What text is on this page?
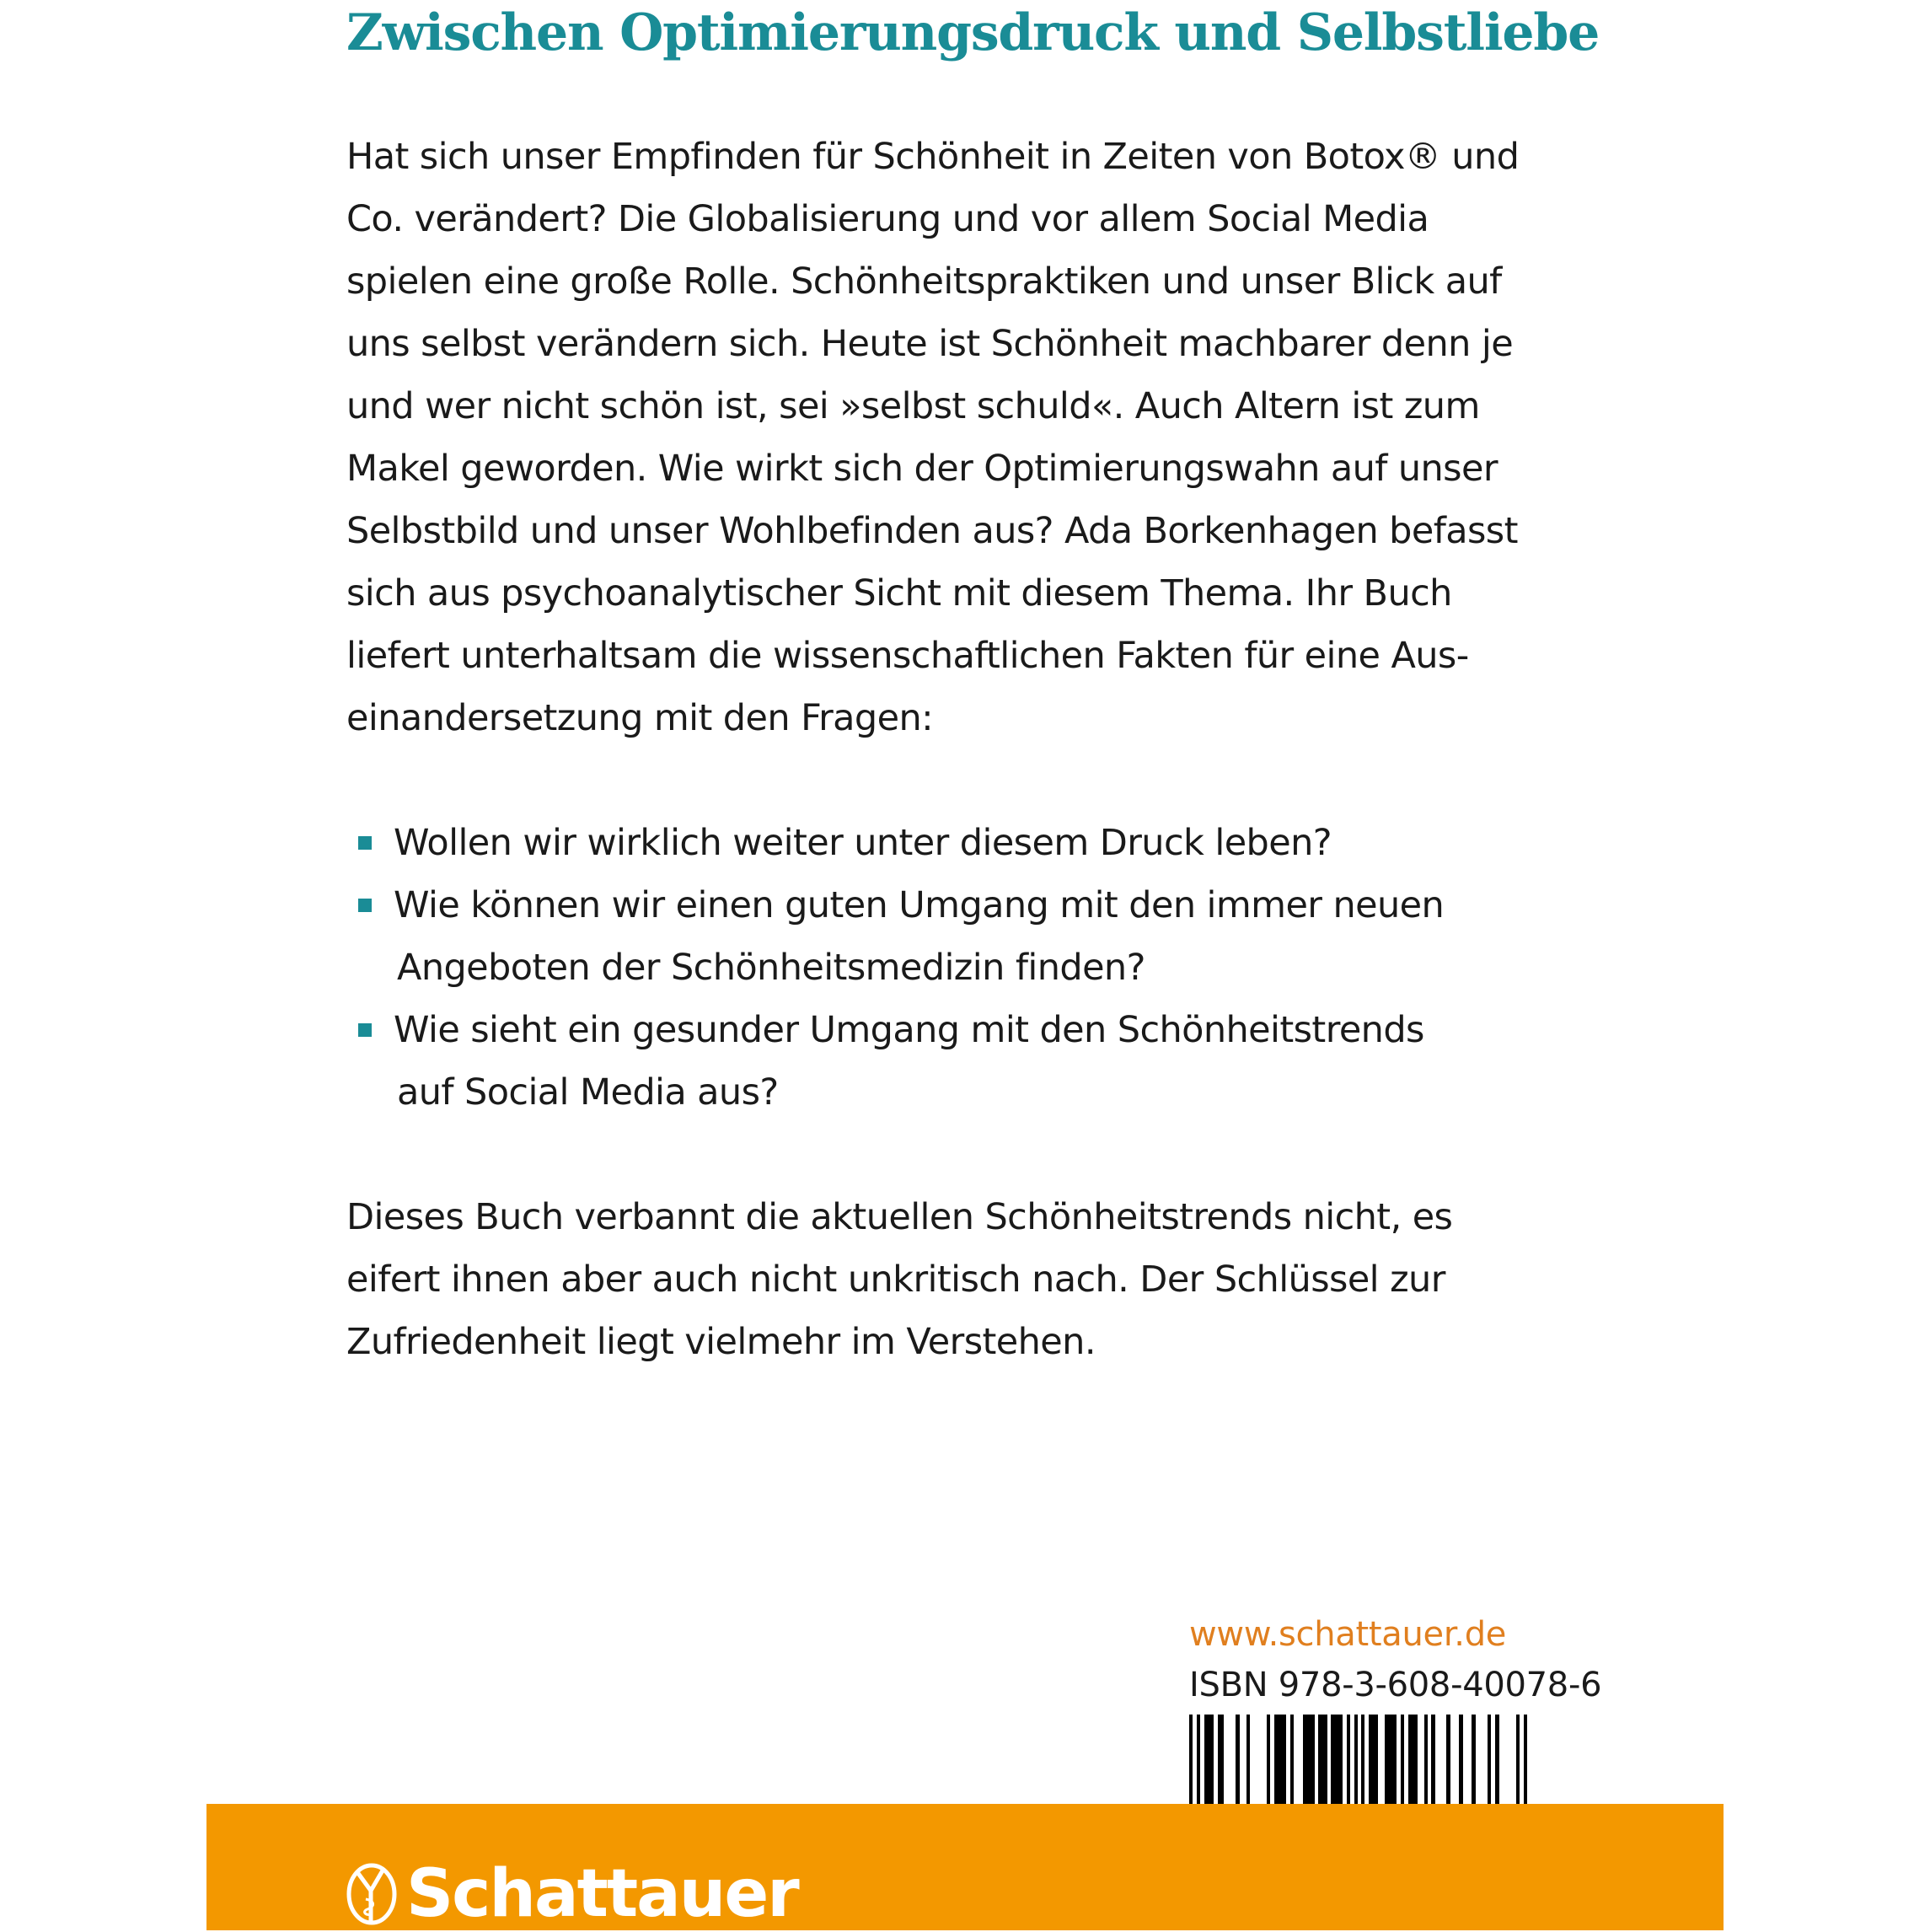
Zwischen Optimierungsdruck und Selbstliebe
Hat sich unser Empfinden für Schönheit in Zeiten von Botox® und
Co. verändert? Die Globalisierung und vor allem Social Media
spielen eine große Rolle. Schönheitspraktiken und unser Blick auf
uns selbst verändern sich. Heute ist Schönheit machbarer denn je
und wer nicht schön ist, sei »selbst schuld«. Auch Altern ist zum
Makel geworden. Wie wirkt sich der Optimierungswahn auf unser
Selbstbild und unser Wohlbefinden aus? Ada Borkenhagen befasst
sich aus psychoanalytischer Sicht mit diesem Thema. Ihr Buch
liefert unterhaltsam die wissenschaftlichen Fakten für eine Aus-
einandersetzung mit den Fragen:
Wollen wir wirklich weiter unter diesem Druck leben?
Wie können wir einen guten Umgang mit den immer neuen
Angeboten der Schönheitsmedizin finden?
Wie sieht ein gesunder Umgang mit den Schönheitstrends
auf Social Media aus?
Dieses Buch verbannt die aktuellen Schönheitstrends nicht, es
eifert ihnen aber auch nicht unkritisch nach. Der Schlüssel zur
Zufriedenheit liegt vielmehr im Verstehen.
www.schattauer.de
ISBN 978-3-608-40078-6
Schattauer
